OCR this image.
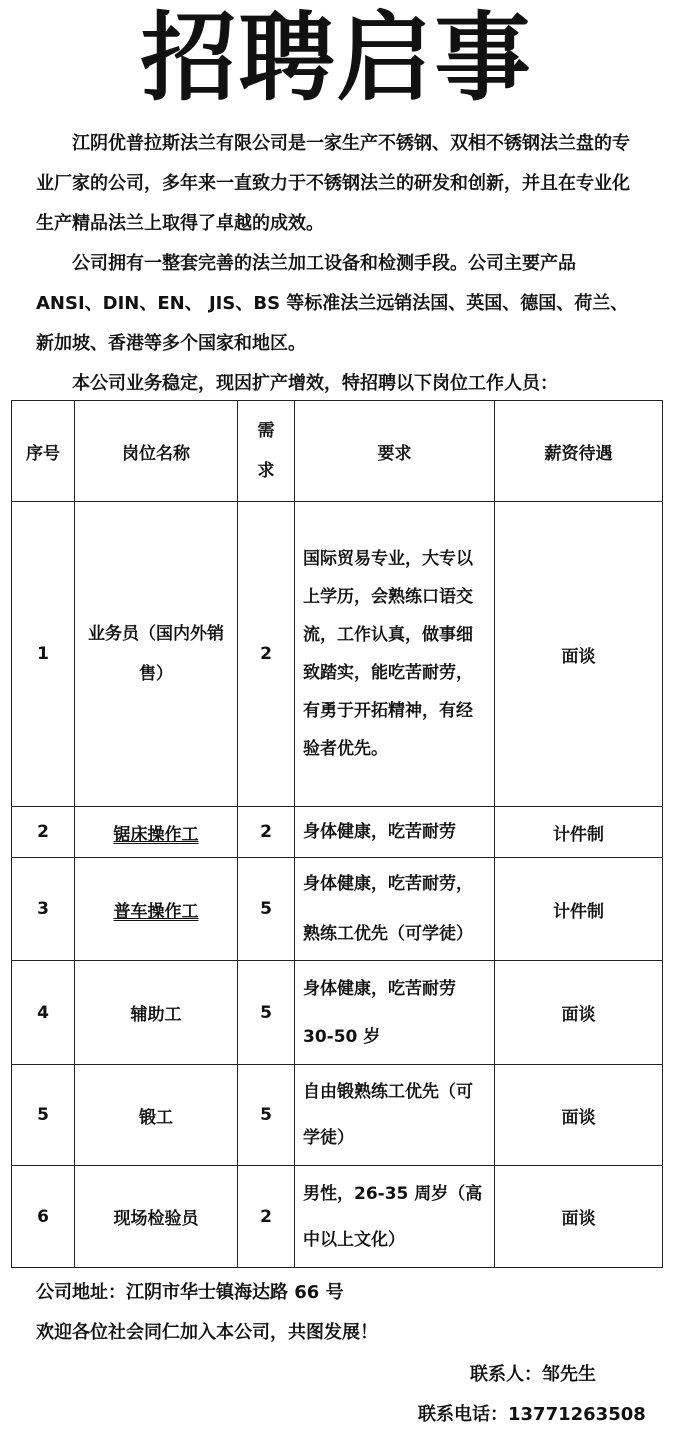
招聘启事

江阴优普拉斯法兰有限公司是一家生产不锈钢、双相不锈钢法兰盘的专业厂家的公司，多年来一直致力于不锈钢法兰的研发和创新，并且在专业化生产精品法兰上取得了卓越的成效。

公司拥有一整套完善的法兰加工设备和检测手段。公司主要产品 ANSI、DIN、EN、 JIS、BS 等标准法兰远销法国、英国、德国、荷兰、新加坡、香港等多个国家和地区。

本公司业务稳定，现因扩产增效，特招聘以下岗位工作人员：

序号	岗位名称	需求	要求	薪资待遇
1	业务员（国内外销售）	2	国际贸易专业，大专以上学历，会熟练口语交流，工作认真，做事细致踏实，能吃苦耐劳，有勇于开拓精神，有经验者优先。	面谈
2	锯床操作工	2	身体健康，吃苦耐劳	计件制
3	普车操作工	5	身体健康，吃苦耐劳，熟练工优先（可学徒）	计件制
4	辅助工	5	身体健康，吃苦耐劳 30-50 岁	面谈
5	锻工	5	自由锻熟练工优先（可学徒）	面谈
6	现场检验员	2	男性，26-35 周岁（高中以上文化）	面谈
公司地址：江阴市华士镇海达路 66 号
欢迎各位社会同仁加入本公司，共图发展！
联系人：邹先生
联系电话：13771263508
